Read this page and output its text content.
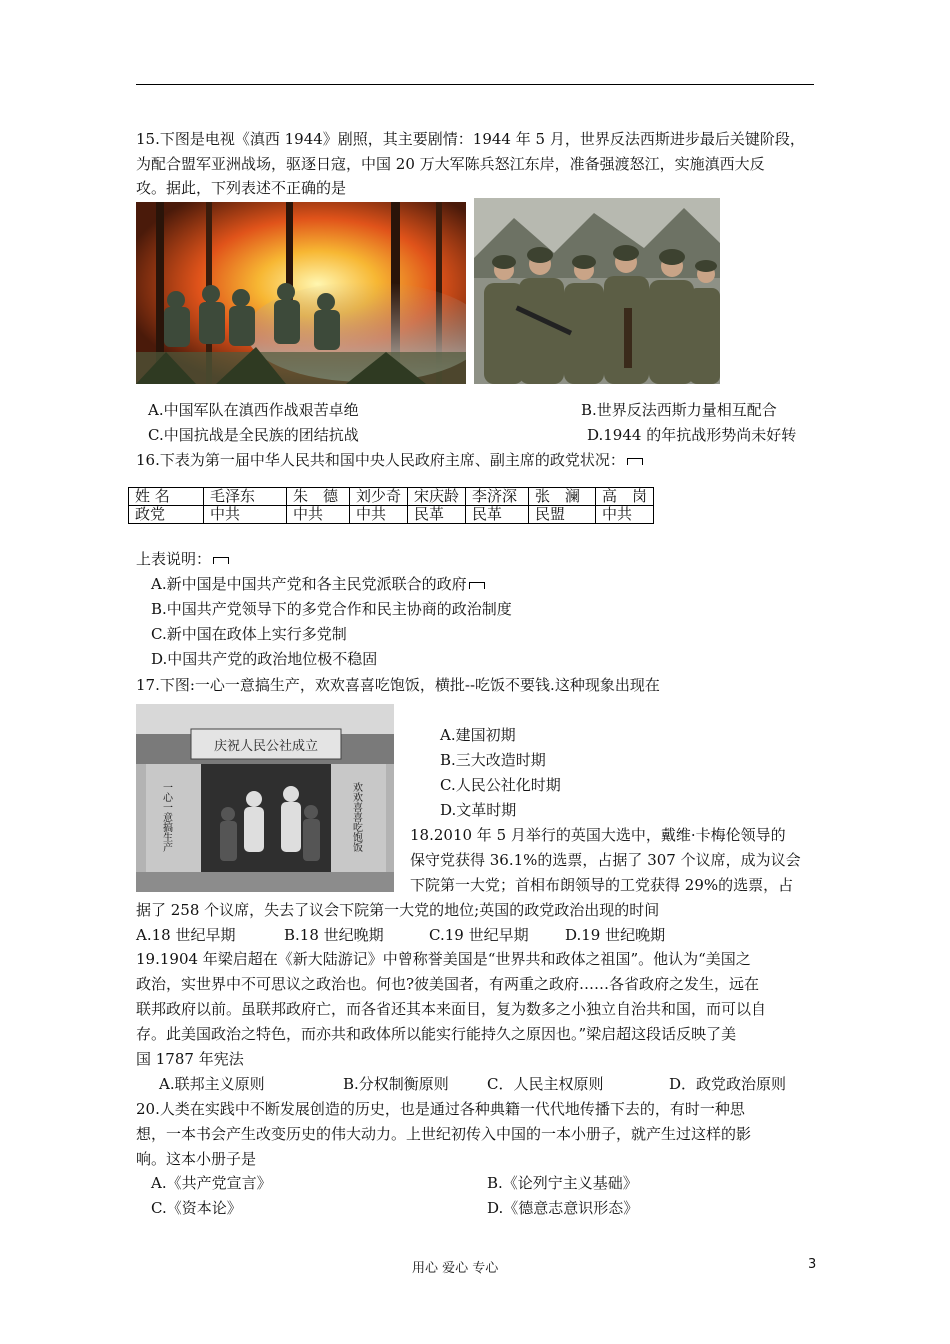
15.下图是电视《滇西 1944》剧照，其主要剧情：1944 年 5 月，世界反法西斯进步最后关键阶段，
为配合盟军亚洲战场，驱逐日寇，中国 20 万大军陈兵怒江东岸，准备强渡怒江，实施滇西大反
攻。据此，下列表述不正确的是
A.中国军队在滇西作战艰苦卓绝	B.世界反法西斯力量相互配合
C.中国抗战是全民族的团结抗战	D.1944 的年抗战形势尚未好转
16.下表为第一届中华人民共和国中央人民政府主席、副主席的政党状况：
姓 名	毛泽东	朱　德	刘少奇	宋庆龄	李济深	张　澜	高　岗
政党	中共	中共	中共	民革	民革	民盟	中共
上表说明：
A.新中国是中国共产党和各主民党派联合的政府
B.中国共产党领导下的多党合作和民主协商的政治制度
C.新中国在政体上实行多党制
D.中国共产党的政治地位极不稳固
17.下图:一心一意搞生产，欢欢喜喜吃饱饭，横批--吃饭不要钱.这种现象出现在
庆祝人民公社成立
一心一意搞生产	欢欢喜喜吃饱饭
A.建国初期
B.三大改造时期
C.人民公社化时期
D.文革时期
18.2010 年 5 月举行的英国大选中，戴维·卡梅伦领导的
保守党获得 36.1%的选票，占据了 307 个议席，成为议会
下院第一大党；首相布朗领导的工党获得 29%的选票，占
据了 258 个议席，失去了议会下院第一大党的地位;英国的政党政治出现的时间
A.18 世纪早期	B.18 世纪晚期	C.19 世纪早期 D.19 世纪晚期
19.1904 年梁启超在《新大陆游记》中曾称誉美国是“世界共和政体之祖国”。他认为“美国之
政治，实世界中不可思议之政治也。何也?彼美国者，有两重之政府……各省政府之发生，远在
联邦政府以前。虽联邦政府亡，而各省还其本来面目，复为数多之小独立自治共和国，而可以自
存。此美国政治之特色，而亦共和政体所以能实行能持久之原因也。”梁启超这段话反映了美
国 1787 年宪法
A.联邦主义原则	B.分权制衡原则	C．人民主权原则	D．政党政治原则
20.人类在实践中不断发展创造的历史，也是通过各种典籍一代代地传播下去的，有时一种思
想，一本书会产生改变历史的伟大动力。上世纪初传入中国的一本小册子，就产生过这样的影
响。这本小册子是
A.《共产党宣言》	B.《论列宁主义基础》
C.《资本论》	D.《德意志意识形态》
用心 爱心 专心	3
